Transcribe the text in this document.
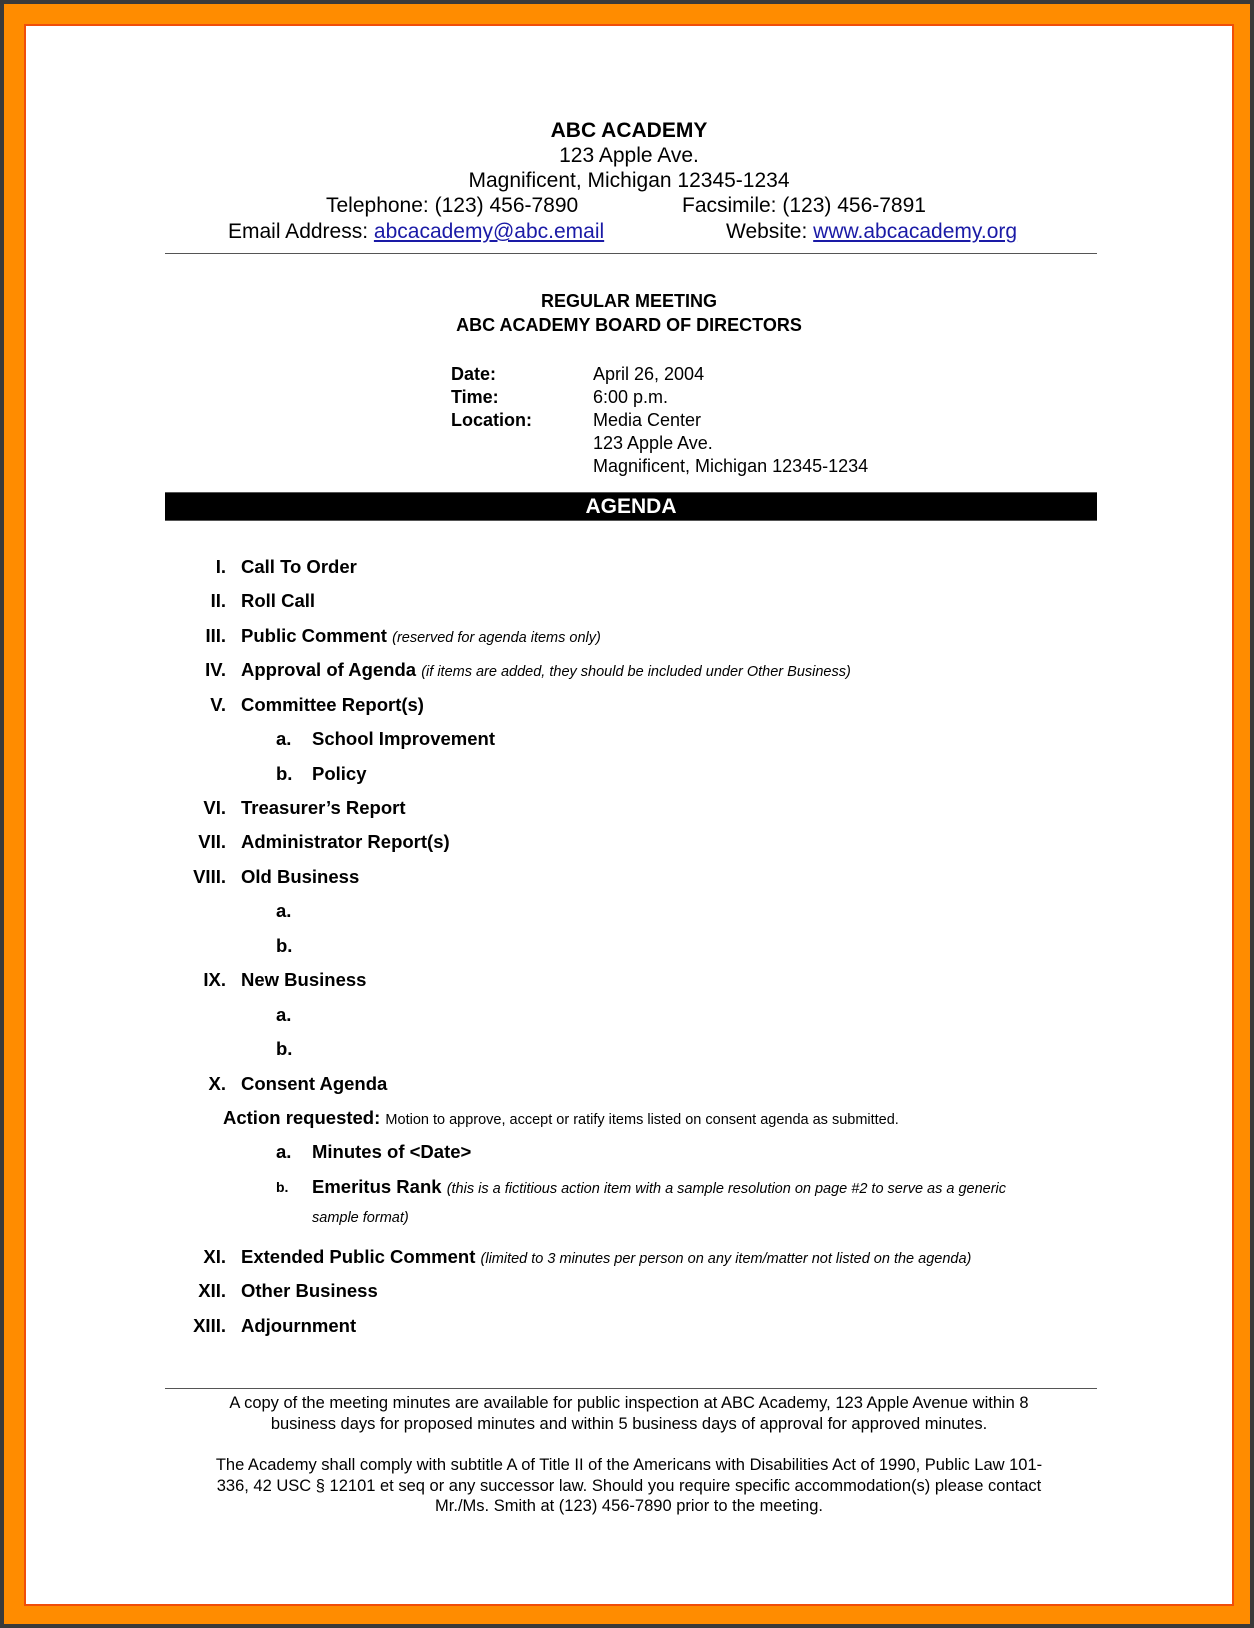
ABC ACADEMY
123 Apple Ave.
Magnificent, Michigan 12345-1234
Telephone: (123) 456-7890	Facsimile: (123) 456-7891
Email Address: abcacademy@abc.email	Website: www.abcacademy.org
REGULAR MEETING
ABC ACADEMY BOARD OF DIRECTORS
Date:	April 26, 2004
Time:	6:00 p.m.
Location:	Media Center
123 Apple Ave.
Magnificent, Michigan 12345-1234
AGENDA
I. Call To Order
II. Roll Call
III. Public Comment (reserved for agenda items only)
IV. Approval of Agenda (if items are added, they should be included under Other Business)
V. Committee Report(s)
a. School Improvement
b. Policy
VI. Treasurer’s Report
VII. Administrator Report(s)
VIII. Old Business
a.
b.
IX. New Business
a.
b.
X. Consent Agenda
Action requested: Motion to approve, accept or ratify items listed on consent agenda as submitted.
a. Minutes of <Date>
b. Emeritus Rank (this is a fictitious action item with a sample resolution on page #2 to serve as a generic
sample format)
XI. Extended Public Comment (limited to 3 minutes per person on any item/matter not listed on the agenda)
XII. Other Business
XIII. Adjournment
A copy of the meeting minutes are available for public inspection at ABC Academy, 123 Apple Avenue within 8
business days for proposed minutes and within 5 business days of approval for approved minutes.
The Academy shall comply with subtitle A of Title II of the Americans with Disabilities Act of 1990, Public Law 101-
336, 42 USC § 12101 et seq or any successor law. Should you require specific accommodation(s) please contact
Mr./Ms. Smith at (123) 456-7890 prior to the meeting.
